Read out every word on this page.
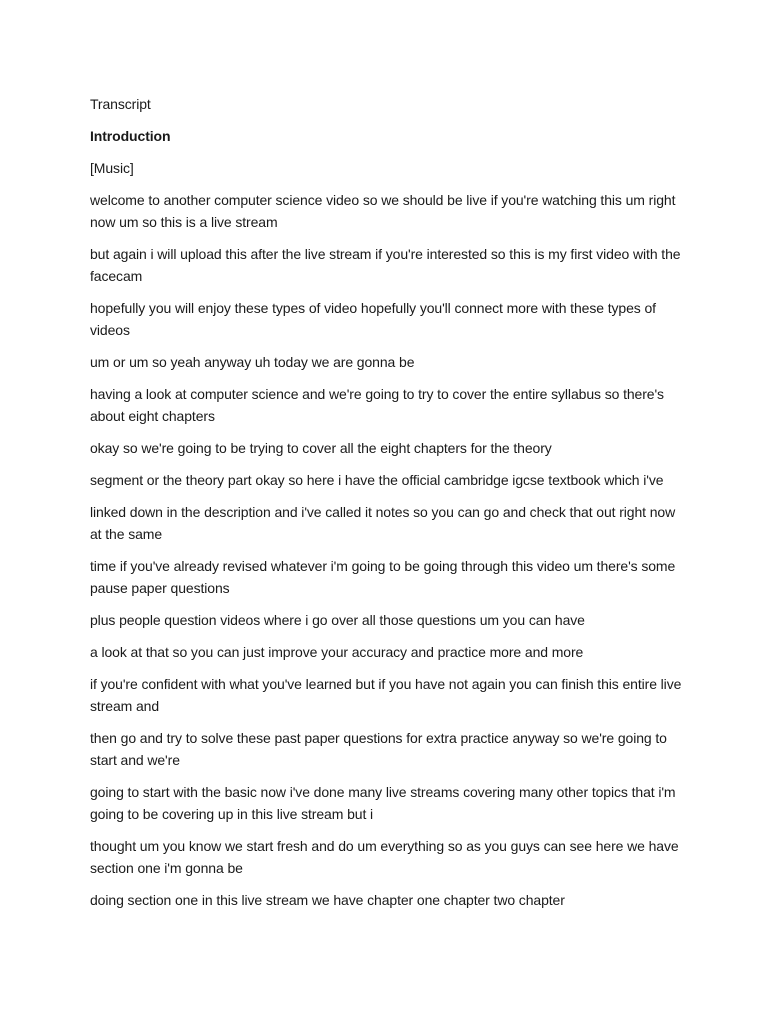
Transcript

Introduction

[Music]

welcome to another computer science video so we should be live if you're watching this um right now um so this is a live stream

but again i will upload this after the live stream if you're interested so this is my first video with the facecam

hopefully you will enjoy these types of video hopefully you'll connect more with these types of videos

um or um so yeah anyway uh today we are gonna be

having a look at computer science and we're going to try to cover the entire syllabus so there's about eight chapters

okay so we're going to be trying to cover all the eight chapters for the theory

segment or the theory part okay so here i have the official cambridge igcse textbook which i've

linked down in the description and i've called it notes so you can go and check that out right now at the same

time if you've already revised whatever i'm going to be going through this video um there's some pause paper questions

plus people question videos where i go over all those questions um you can have

a look at that so you can just improve your accuracy and practice more and more

if you're confident with what you've learned but if you have not again you can finish this entire live stream and

then go and try to solve these past paper questions for extra practice anyway so we're going to start and we're

going to start with the basic now i've done many live streams covering many other topics that i'm going to be covering up in this live stream but i

thought um you know we start fresh and do um everything so as you guys can see here we have section one i'm gonna be

doing section one in this live stream we have chapter one chapter two chapter
